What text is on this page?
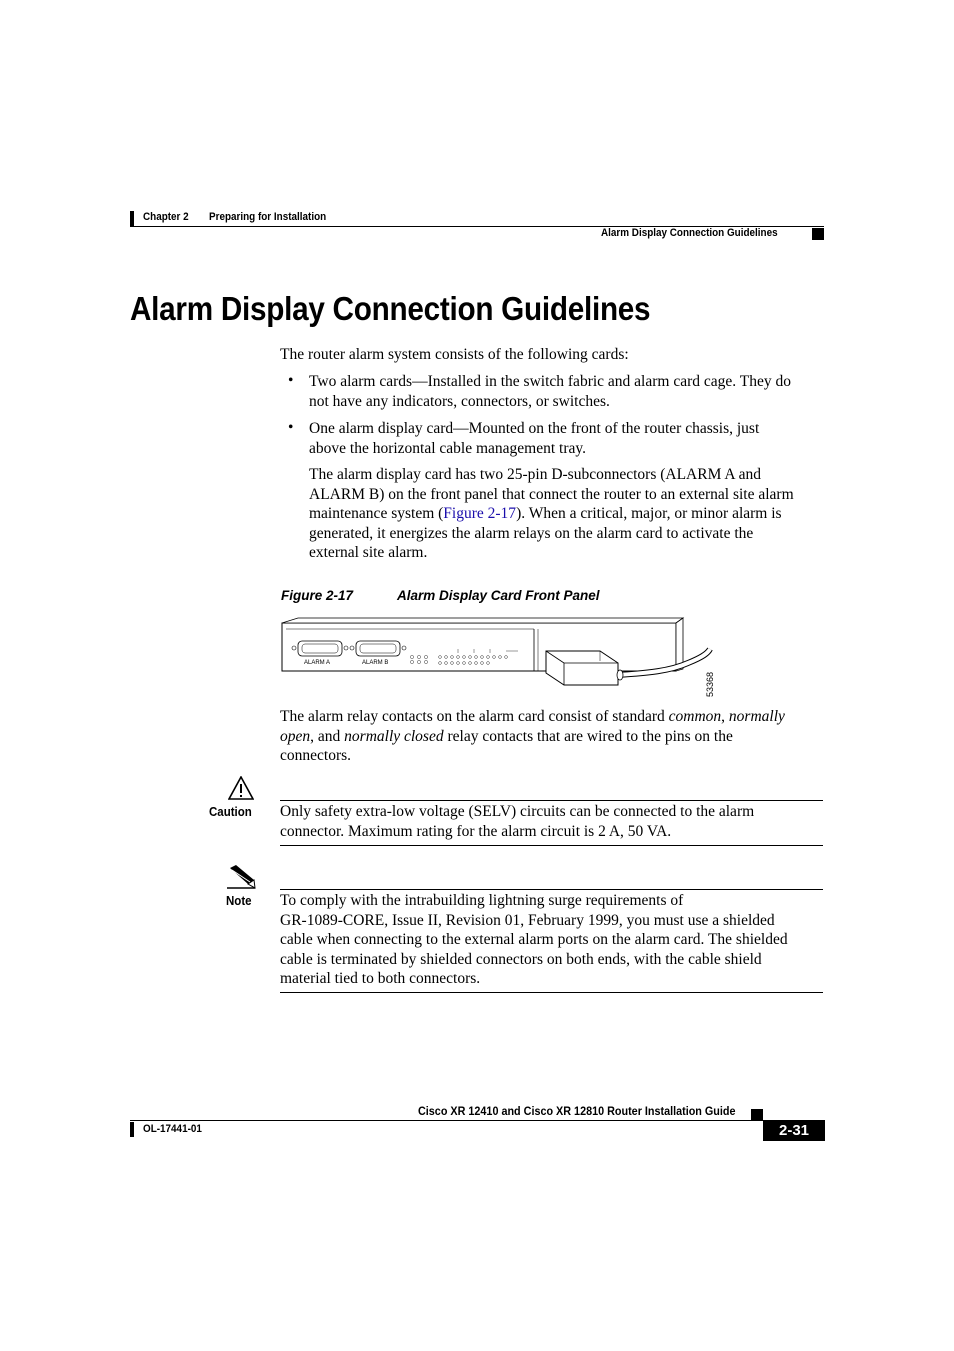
Chapter 2 Preparing for Installation
Alarm Display Connection Guidelines
Alarm Display Connection Guidelines
The router alarm system consists of the following cards:
• Two alarm cards—Installed in the switch fabric and alarm card cage. They do
not have any indicators, connectors, or switches.
• One alarm display card—Mounted on the front of the router chassis, just
above the horizontal cable management tray.
The alarm display card has two 25-pin D-subconnectors (ALARM A and
ALARM B) on the front panel that connect the router to an external site alarm
maintenance system (Figure 2-17). When a critical, major, or minor alarm is
generated, it energizes the alarm relays on the alarm card to activate the
external site alarm.
Figure 2-17	Alarm Display Card Front Panel
ALARM A	ALARM B
53368
The alarm relay contacts on the alarm card consist of standard common, normally
open, and normally closed relay contacts that are wired to the pins on the
connectors.
Caution Only safety extra-low voltage (SELV) circuits can be connected to the alarm
connector. Maximum rating for the alarm circuit is 2 A, 50 VA.
Note To comply with the intrabuilding lightning surge requirements of
GR-1089-CORE, Issue II, Revision 01, February 1999, you must use a shielded
cable when connecting to the external alarm ports on the alarm card. The shielded
cable is terminated by shielded connectors on both ends, with the cable shield
material tied to both connectors.
Cisco XR 12410 and Cisco XR 12810 Router Installation Guide
OL-17441-01	2-31
